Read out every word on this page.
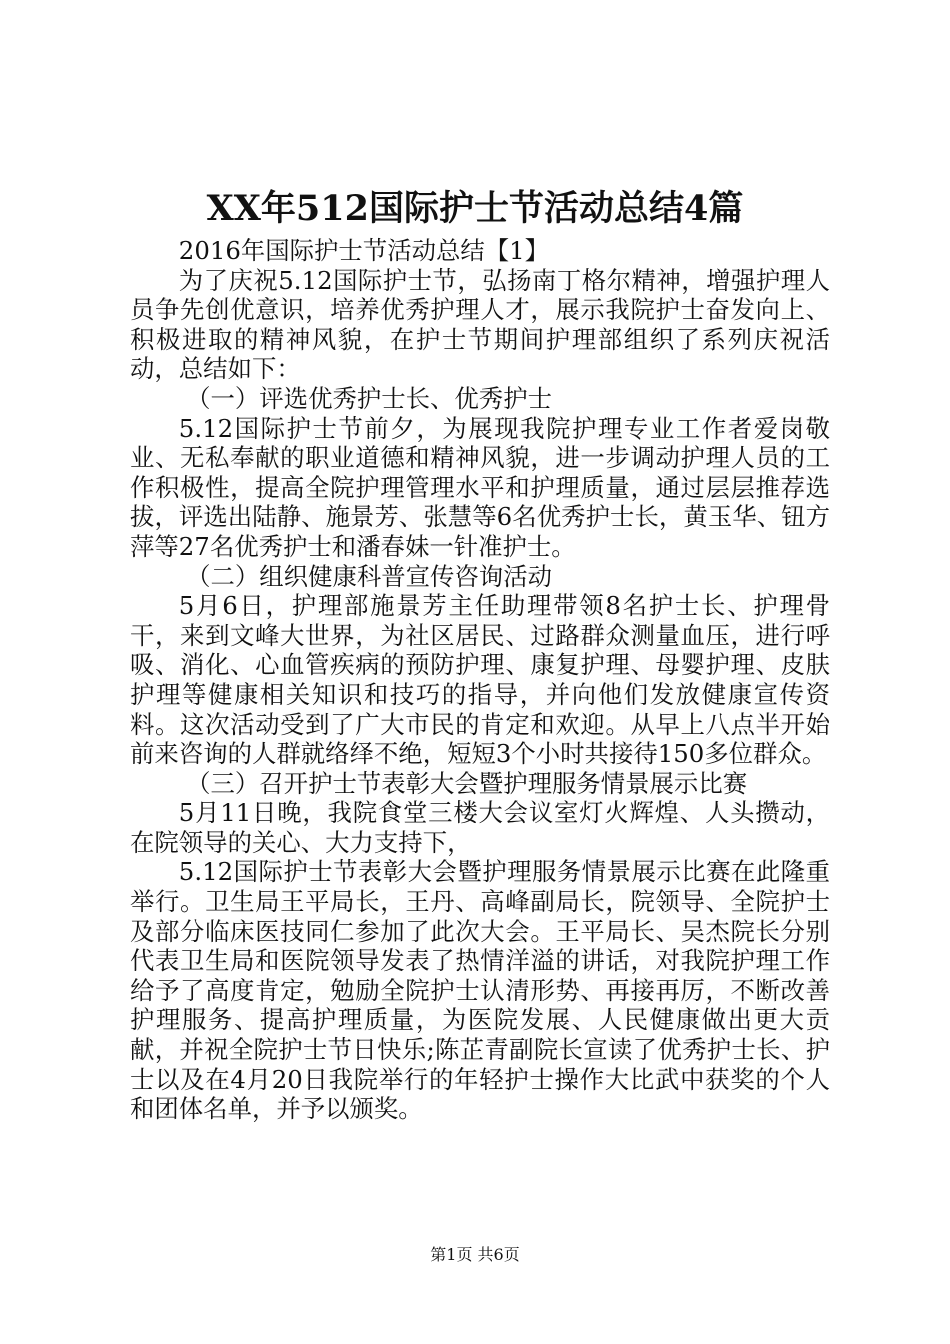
XX年512国际护士节活动总结4篇

2016年国际护士节活动总结【1】

为了庆祝5.12国际护士节，弘扬南丁格尔精神，增强护理人员争先创优意识，培养优秀护理人才，展示我院护士奋发向上、积极进取的精神风貌，在护士节期间护理部组织了系列庆祝活动，总结如下：

（一）评选优秀护士长、优秀护士

5.12国际护士节前夕，为展现我院护理专业工作者爱岗敬业、无私奉献的职业道德和精神风貌，进一步调动护理人员的工作积极性，提高全院护理管理水平和护理质量，通过层层推荐选拔，评选出陆静、施景芳、张慧等6名优秀护士长，黄玉华、钮方萍等27名优秀护士和潘春妹一针准护士。

（二）组织健康科普宣传咨询活动

5月6日，护理部施景芳主任助理带领8名护士长、护理骨干，来到文峰大世界，为社区居民、过路群众测量血压，进行呼吸、消化、心血管疾病的预防护理、康复护理、母婴护理、皮肤护理等健康相关知识和技巧的指导，并向他们发放健康宣传资料。这次活动受到了广大市民的肯定和欢迎。从早上八点半开始前来咨询的人群就络绎不绝，短短3个小时共接待150多位群众。

（三）召开护士节表彰大会暨护理服务情景展示比赛

5月11日晚，我院食堂三楼大会议室灯火辉煌、人头攒动，在院领导的关心、大力支持下，

5.12国际护士节表彰大会暨护理服务情景展示比赛在此隆重举行。卫生局王平局长，王丹、高峰副局长，院领导、全院护士及部分临床医技同仁参加了此次大会。王平局长、吴杰院长分别代表卫生局和医院领导发表了热情洋溢的讲话，对我院护理工作给予了高度肯定，勉励全院护士认清形势、再接再厉，不断改善护理服务、提高护理质量，为医院发展、人民健康做出更大贡献，并祝全院护士节日快乐;陈芷青副院长宣读了优秀护士长、护士以及在4月20日我院举行的年轻护士操作大比武中获奖的个人和团体名单，并予以颁奖。

第1页 共6页
